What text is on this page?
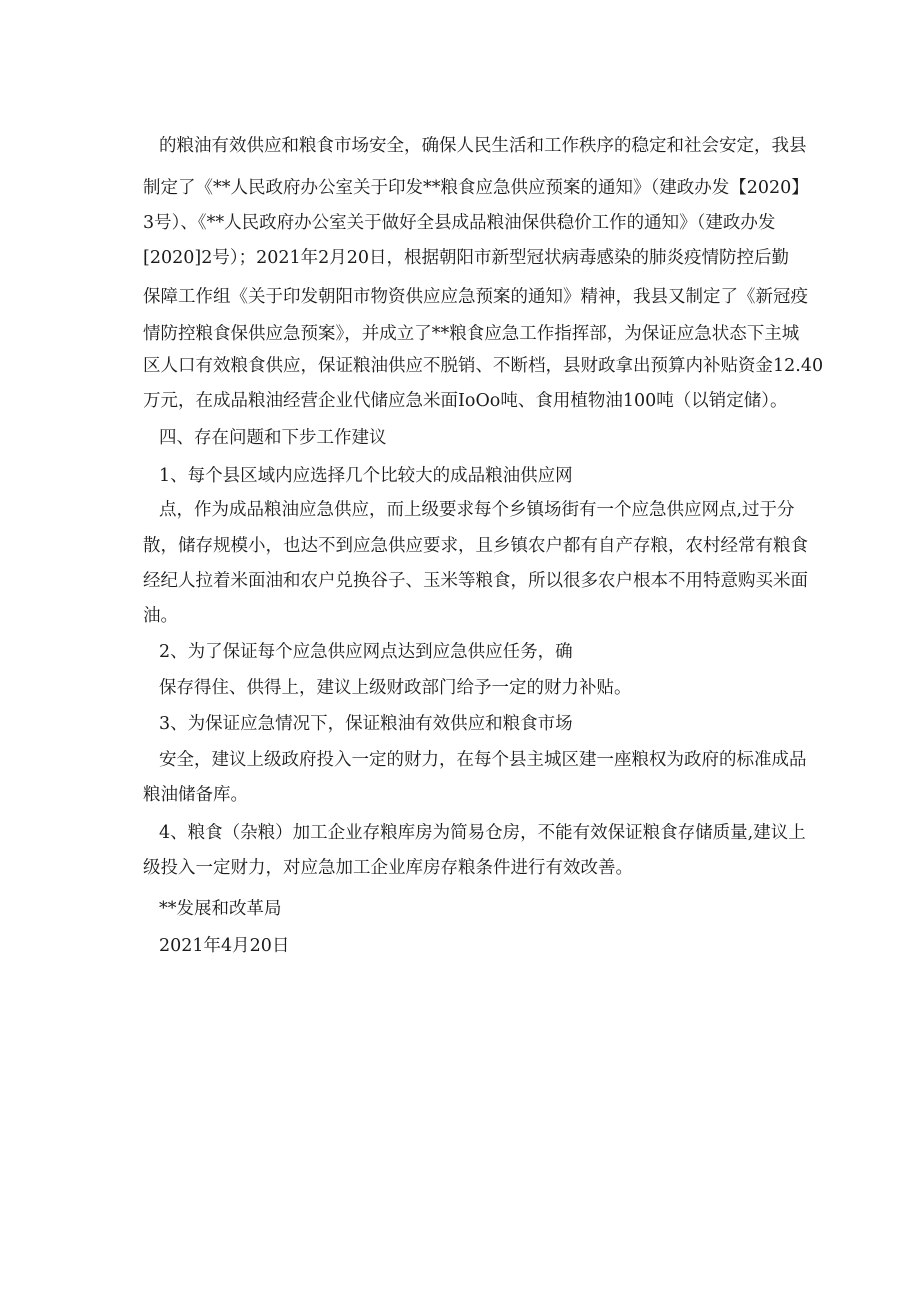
的粮油有效供应和粮食市场安全，确保人民生活和工作秩序的稳定和社会安定，我县
制定了《**人民政府办公室关于印发**粮食应急供应预案的通知》（建政办发【2020】
3号）、《**人民政府办公室关于做好全县成品粮油保供稳价工作的通知》（建政办发
[2020]2号）；2021年2月20日，根据朝阳市新型冠状病毒感染的肺炎疫情防控后勤
保障工作组《关于印发朝阳市物资供应应急预案的通知》精神，我县又制定了《新冠疫
情防控粮食保供应急预案》，并成立了**粮食应急工作指挥部，为保证应急状态下主城
区人口有效粮食供应，保证粮油供应不脱销、不断档，县财政拿出预算内补贴资金12.40
万元，在成品粮油经营企业代储应急米面IoOo吨、食用植物油100吨（以销定储）。
四、存在问题和下步工作建议
1、每个县区域内应选择几个比较大的成品粮油供应网
点，作为成品粮油应急供应，而上级要求每个乡镇场街有一个应急供应网点,过于分
散，储存规模小，也达不到应急供应要求，且乡镇农户都有自产存粮，农村经常有粮食
经纪人拉着米面油和农户兑换谷子、玉米等粮食，所以很多农户根本不用特意购买米面
油。
2、为了保证每个应急供应网点达到应急供应任务，确
保存得住、供得上，建议上级财政部门给予一定的财力补贴。
3、为保证应急情况下，保证粮油有效供应和粮食市场
安全，建议上级政府投入一定的财力，在每个县主城区建一座粮权为政府的标准成品
粮油储备库。
4、粮食（杂粮）加工企业存粮库房为简易仓房，不能有效保证粮食存储质量,建议上
级投入一定财力，对应急加工企业库房存粮条件进行有效改善。
**发展和改革局
2021年4月20日
